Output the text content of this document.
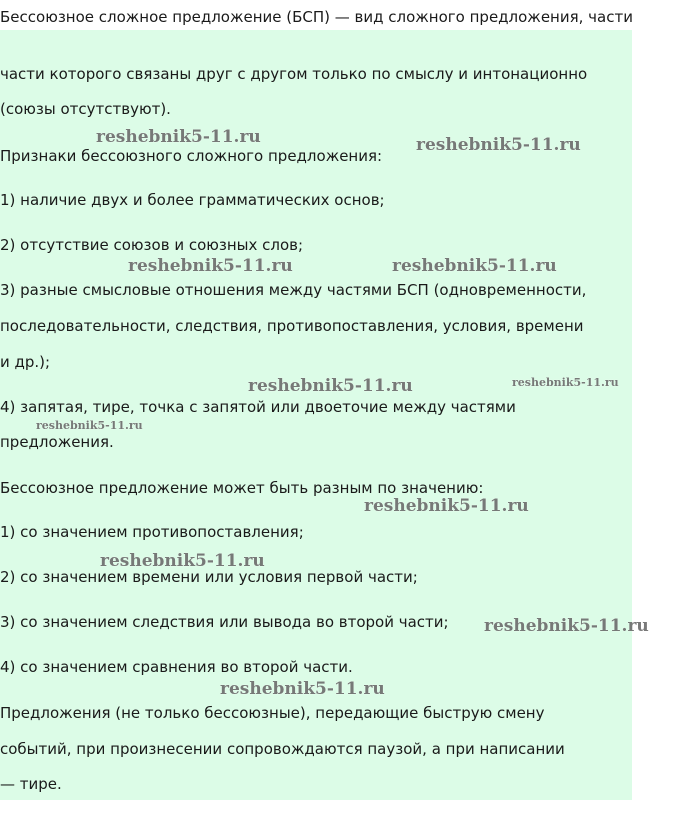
Бессоюзное сложное предложение (БСП) — вид сложного предложения, части
части которого связаны друг с другом только по смыслу и интонационно
(союзы отсутствуют).
Признаки бессоюзного сложного предложения:
1) наличие двух и более грамматических основ;
2) отсутствие союзов и союзных слов;
3) разные смысловые отношения между частями БСП (одновременности,
последовательности, следствия, противопоставления, условия, времени
и др.);
4) запятая, тире, точка с запятой или двоеточие между частями
предложения.
Бессоюзное предложение может быть разным по значению:
1) со значением противопоставления;
2) со значением времени или условия первой части;
3) со значением следствия или вывода во второй части;
4) со значением сравнения во второй части.
Предложения (не только бессоюзные), передающие быструю смену
событий, при произнесении сопровождаются паузой, а при написании
— тире.
reshebnik5-11.ru	reshebnik5-11.ru
reshebnik5-11.ru	reshebnik5-11.ru
reshebnik5-11.ru	reshebnik5-11.ru
reshebnik5-11.ru
reshebnik5-11.ru
reshebnik5-11.ru
reshebnik5-11.ru
reshebnik5-11.ru
